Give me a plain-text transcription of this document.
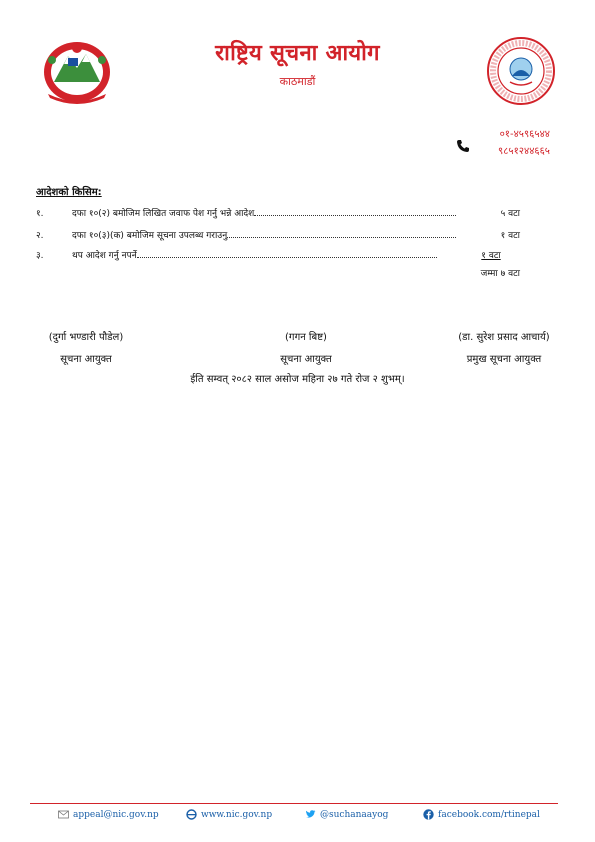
राष्ट्रिय सूचना आयोग
काठमाडौं
०१-४५९६५४४
९८५१२४४६६५
आदेशको किसिम:
१.	दफा १०(२) बमोजिम लिखित जवाफ पेश गर्नु भन्ने आदेश	५ वटा
२.	दफा १०(३)(क) बमोजिम सूचना उपलब्ध गराउनु	१ वटा
३.	थप आदेश गर्नु नपर्ने	१ वटा
जम्मा ७ वटा
(दुर्गा भण्डारी पौडेल)
सूचना आयुक्त
(गगन बिष्ट)
सूचना आयुक्त
(डा. सुरेश प्रसाद आचार्य)
प्रमुख सूचना आयुक्त
ईति सम्वत् २०८२ साल असोज महिना २७ गते रोज २ शुभम्।
appeal@nic.gov.np	www.nic.gov.np	@suchanaayog	facebook.com/rtinepal
